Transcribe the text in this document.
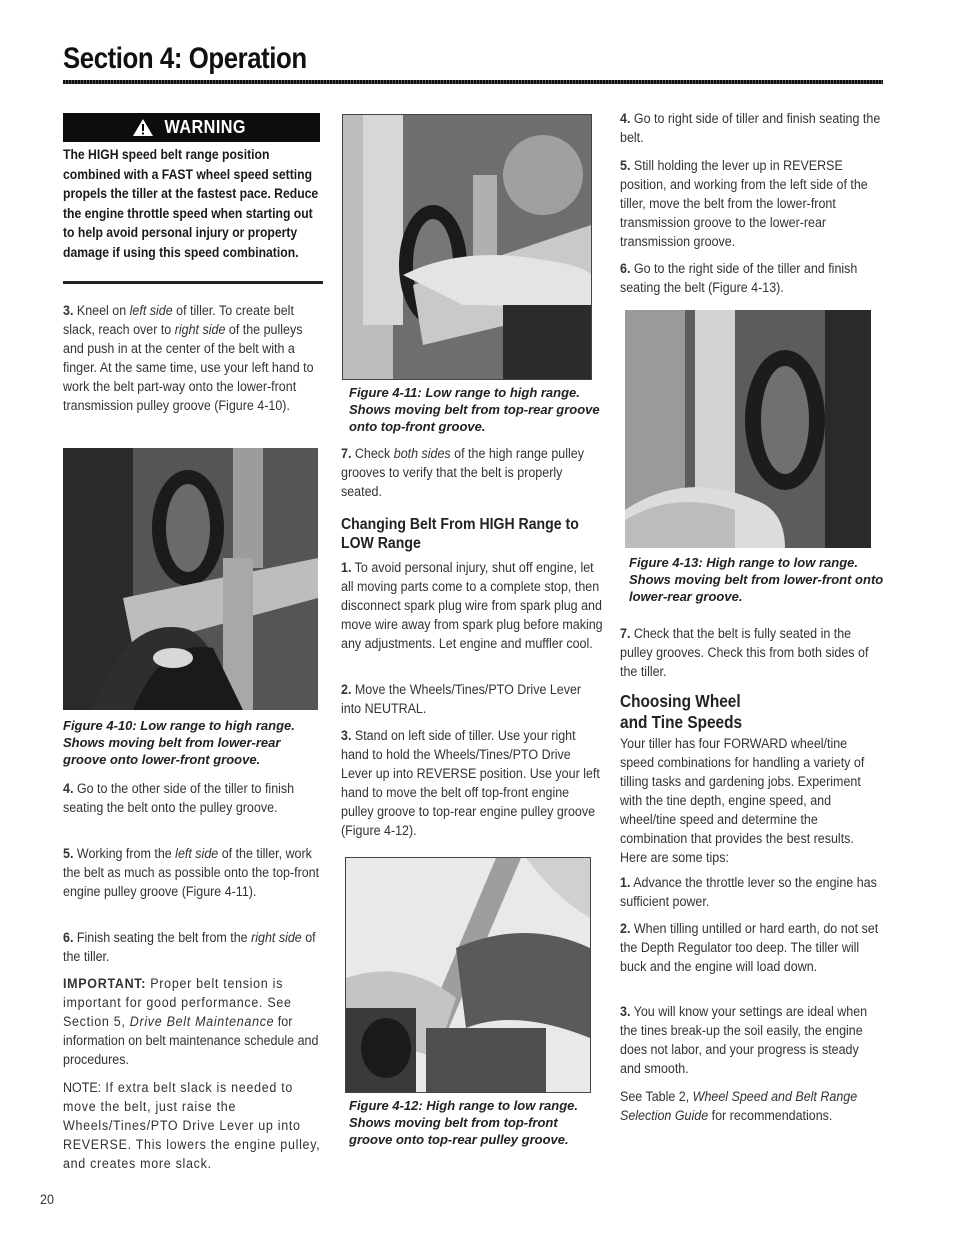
Section 4: Operation
WARNING

The HIGH speed belt range position combined with a FAST wheel speed setting propels the tiller at the fastest pace. Reduce the engine throttle speed when starting out to help avoid personal injury or property damage if using this speed combination.

3. Kneel on left side of tiller. To create belt slack, reach over to right side of the pulleys and push in at the center of the belt with a finger. At the same time, use your left hand to work the belt part-way onto the lower-front transmission pulley groove (Figure 4-10).

Figure 4-10: Low range to high range. Shows moving belt from lower-rear groove onto lower-front groove.

4. Go to the other side of the tiller to finish seating the belt onto the pulley groove.

5. Working from the left side of the tiller, work the belt as much as possible onto the top-front engine pulley groove (Figure 4-11).

6. Finish seating the belt from the right side of the tiller.

IMPORTANT: Proper belt tension is important for good performance. See Section 5, Drive Belt Maintenance for information on belt maintenance schedule and procedures.

NOTE: If extra belt slack is needed to move the belt, just raise the Wheels/Tines/PTO Drive Lever up into REVERSE. This lowers the engine pulley, and creates more slack.

Figure 4-11: Low range to high range. Shows moving belt from top-rear groove onto top-front groove.

7. Check both sides of the high range pulley grooves to verify that the belt is properly seated.

Changing Belt From HIGH Range to LOW Range

1. To avoid personal injury, shut off engine, let all moving parts come to a complete stop, then disconnect spark plug wire from spark plug and move wire away from spark plug before making any adjustments. Let engine and muffler cool.

2. Move the Wheels/Tines/PTO Drive Lever into NEUTRAL.

3. Stand on left side of tiller. Use your right hand to hold the Wheels/Tines/PTO Drive Lever up into REVERSE position. Use your left hand to move the belt off top-front engine pulley groove to top-rear engine pulley groove (Figure 4-12).

Figure 4-12: High range to low range. Shows moving belt from top-front groove onto top-rear pulley groove.

4. Go to right side of tiller and finish seating the belt.

5. Still holding the lever up in REVERSE position, and working from the left side of the tiller, move the belt from the lower-front transmission groove to the lower-rear transmission groove.

6. Go to the right side of the tiller and finish seating the belt (Figure 4-13).

Figure 4-13: High range to low range. Shows moving belt from lower-front onto lower-rear groove.

7. Check that the belt is fully seated in the pulley grooves. Check this from both sides of the tiller.

Choosing Wheel
and Tine Speeds

Your tiller has four FORWARD wheel/tine speed combinations for handling a variety of tilling tasks and gardening jobs. Experiment with the tine depth, engine speed, and wheel/tine speed and determine the combination that provides the best results. Here are some tips:

1. Advance the throttle lever so the engine has sufficient power.

2. When tilling untilled or hard earth, do not set the Depth Regulator too deep. The tiller will buck and the engine will load down.

3. You will know your settings are ideal when the tines break-up the soil easily, the engine does not labor, and your progress is steady and smooth.

See Table 2, Wheel Speed and Belt Range Selection Guide for recommendations.

20
